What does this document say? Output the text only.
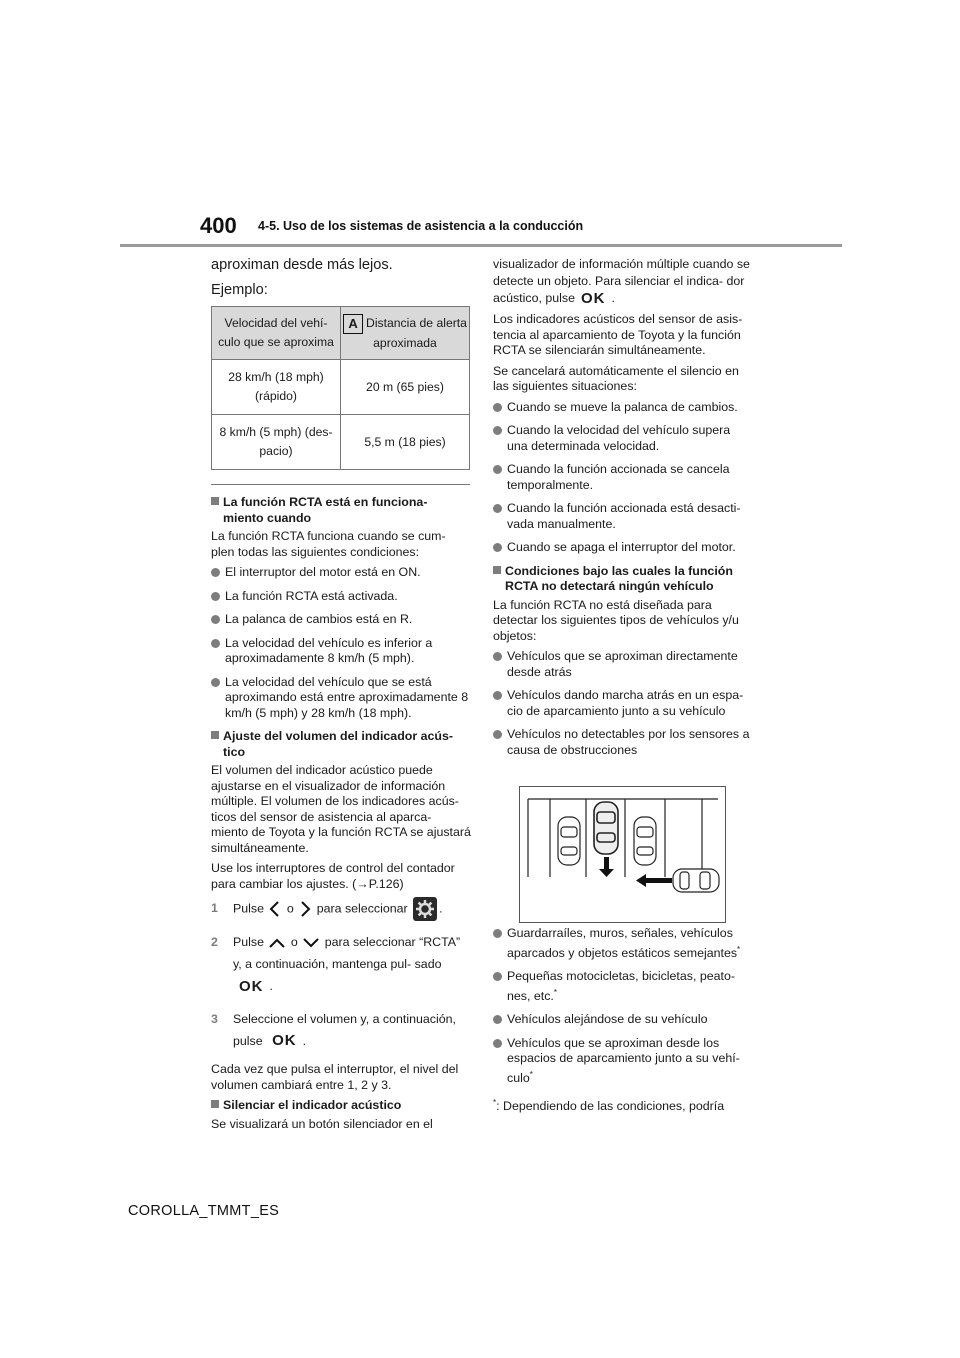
400 4-5. Uso de los sistemas de asistencia a la conducción

aproximan desde más lejos.

Ejemplo:

Velocidad del vehí- culo que se aproxima	A Distancia de alerta aproximada
28 km/h (18 mph) (rápido)	20 m (65 pies)
8 km/h (5 mph) (des- pacio)	5,5 m (18 pies)

La función RCTA está en funciona- miento cuando

La función RCTA funciona cuando se cum- plen todas las siguientes condiciones:

El interruptor del motor está en ON.
La función RCTA está activada.
La palanca de cambios está en R.
La velocidad del vehículo es inferior a aproximadamente 8 km/h (5 mph).
La velocidad del vehículo que se está aproximando está entre aproximadamente 8 km/h (5 mph) y 28 km/h (18 mph).

Ajuste del volumen del indicador acús- tico

El volumen del indicador acústico puede ajustarse en el visualizador de información múltiple. El volumen de los indicadores acús- ticos del sensor de asistencia al aparca- miento de Toyota y la función RCTA se ajustará simultáneamente.

Use los interruptores de control del contador para cambiar los ajustes. (→P.126)

1 Pulse o para seleccionar	.
2 Pulse o para seleccionar “RCTA” y, a continuación, mantenga pul- sado OK .
3 Seleccione el volumen y, a continuación, pulse OK .

Cada vez que pulsa el interruptor, el nivel del volumen cambiará entre 1, 2 y 3.

Silenciar el indicador acústico

Se visualizará un botón silenciador en el

visualizador de información múltiple cuando se detecte un objeto. Para silenciar el indica- dor acústico, pulse OK .

Los indicadores acústicos del sensor de asis- tencia al aparcamiento de Toyota y la función RCTA se silenciarán simultáneamente.

Se cancelará automáticamente el silencio en las siguientes situaciones:

Cuando se mueve la palanca de cambios.
Cuando la velocidad del vehículo supera una determinada velocidad.
Cuando la función accionada se cancela temporalmente.
Cuando la función accionada está desacti- vada manualmente.
Cuando se apaga el interruptor del motor.

Condiciones bajo las cuales la función RCTA no detectará ningún vehículo

La función RCTA no está diseñada para detectar los siguientes tipos de vehículos y/u objetos:

Vehículos que se aproximan directamente desde atrás
Vehículos dando marcha atrás en un espa- cio de aparcamiento junto a su vehículo
Vehículos no detectables por los sensores a causa de obstrucciones
Guardarraíles, muros, señales, vehículos aparcados y objetos estáticos semejantes*
Pequeñas motocicletas, bicicletas, peato- nes, etc.*
Vehículos alejándose de su vehículo
Vehículos que se aproximan desde los espacios de aparcamiento junto a su vehí- culo*

*: Dependiendo de las condiciones, podría

COROLLA_TMMT_ES
